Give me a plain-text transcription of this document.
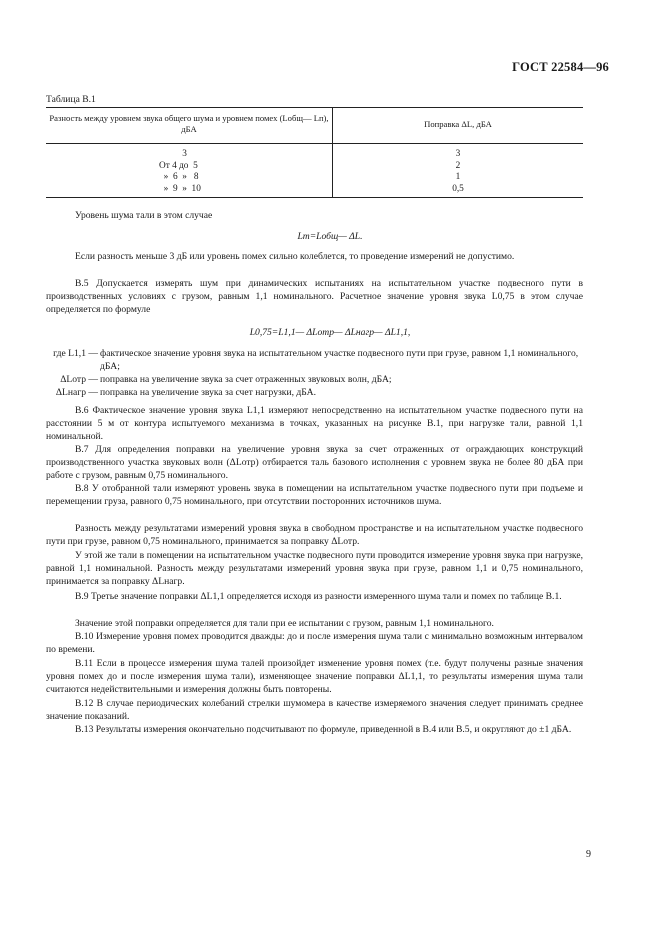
ГОСТ 22584—96
Таблица В.1
Разность между уровнем звука общего шума и уровнем помех (Lобщ— Lп), дБА	Поправка ΔL, дБА
3	3
От 4 до  5	2
»  6  »   8	1
»  9  »  10	0,5
Уровень шума тали в этом случае
Lт=Lобщ— ΔL.
Если разность меньше 3 дБ или уровень помех сильно колеблется, то проведение измерений не допустимо.
В.5 Допускается измерять шум при динамических испытаниях на испытательном участке подвесного пути в производственных условиях с грузом, равным 1,1 номинального. Расчетное значение уровня звука L0,75 в этом случае определяется по формуле
L0,75=L1,1— ΔLотр— ΔLнагр— ΔL1,1,
где L1,1 — фактическое значение уровня звука на испытательном участке подвесного пути при грузе, равном 1,1 номинального, дБА;
ΔLотр — поправка на увеличение звука за счет отраженных звуковых волн, дБА;
ΔLнагр — поправка на увеличение звука за счет нагрузки, дБА.
В.6 Фактическое значение уровня звука L1,1 измеряют непосредственно на испытательном участке подвесного пути на расстоянии 5 м от контура испытуемого механизма в точках, указанных на рисунке В.1, при нагрузке тали, равной 1,1 номинальной.
В.7 Для определения поправки на увеличение уровня звука за счет отраженных от ограждающих конструкций производственного участка звуковых волн (ΔLотр) отбирается таль базового исполнения с уровнем звука не более 80 дБА при работе с грузом, равным 0,75 номинального.
В.8 У отобранной тали измеряют уровень звука в помещении на испытательном участке подвесного пути при подъеме и перемещении груза, равного 0,75 номинального, при отсутствии посторонних источников шума.
Разность между результатами измерений уровня звука в свободном пространстве и на испытательном участке подвесного пути при грузе, равном 0,75 номинального, принимается за поправку ΔLотр.
У этой же тали в помещении на испытательном участке подвесного пути проводится измерение уровня звука при нагрузке, равной 1,1 номинальной. Разность между результатами измерений уровня звука при грузе, равном 1,1 и 0,75 номинального, принимается за поправку ΔLнагр.
В.9 Третье значение поправки ΔL1,1 определяется исходя из разности измеренного шума тали и помех по таблице В.1.
Значение этой поправки определяется для тали при ее испытании с грузом, равным 1,1 номинального.
В.10 Измерение уровня помех проводится дважды: до и после измерения шума тали с минимально возможным интервалом по времени.
В.11 Если в процессе измерения шума талей произойдет изменение уровня помех (т.е. будут получены разные значения уровня помех до и после измерения шума тали), изменяющее значение поправки ΔL1,1, то результаты измерения шума тали считаются недействительными и измерения должны быть повторены.
В.12 В случае периодических колебаний стрелки шумомера в качестве измеряемого значения следует принимать среднее значение показаний.
В.13 Результаты измерения окончательно подсчитывают по формуле, приведенной в В.4 или В.5, и округляют до ±1 дБА.
9
